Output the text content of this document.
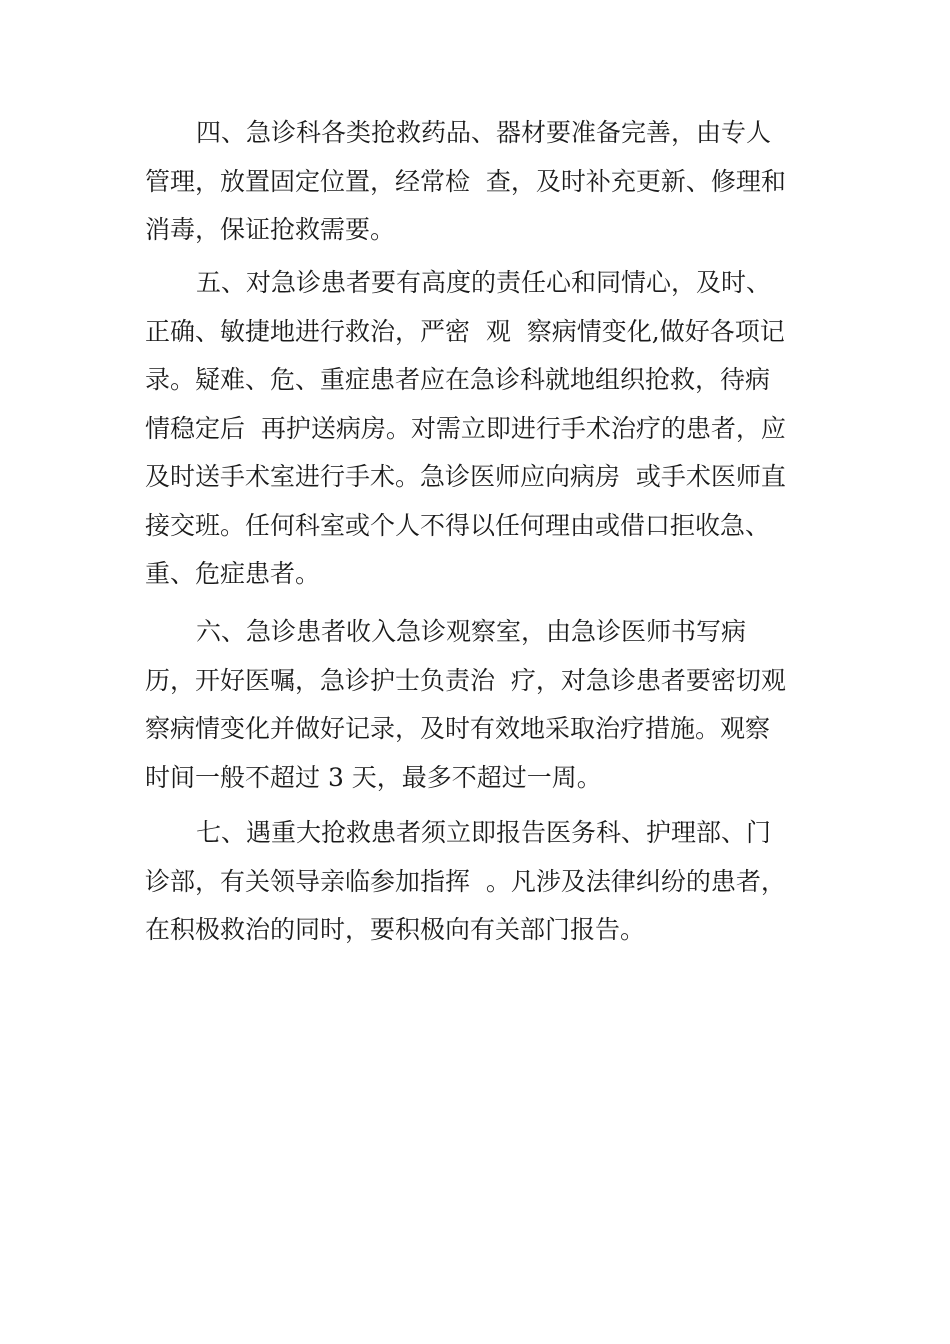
四、急诊科各类抢救药品、器材要准备完善，由专人
管理，放置固定位置，经常检  查，及时补充更新、修理和
消毒，保证抢救需要。

五、对急诊患者要有高度的责任心和同情心，及时、
正确、敏捷地进行救治，严密  观  察病情变化,做好各项记
录。疑难、危、重症患者应在急诊科就地组织抢救，待病
情稳定后  再护送病房。对需立即进行手术治疗的患者，应
及时送手术室进行手术。急诊医师应向病房  或手术医师直
接交班。任何科室或个人不得以任何理由或借口拒收急、
重、危症患者。

六、急诊患者收入急诊观察室，由急诊医师书写病
历，开好医嘱，急诊护士负责治  疗，对急诊患者要密切观
察病情变化并做好记录，及时有效地采取治疗措施。观察
时间一般不超过 3 天，最多不超过一周。

七、遇重大抢救患者须立即报告医务科、护理部、门
诊部，有关领导亲临参加指挥  。凡涉及法律纠纷的患者，
在积极救治的同时，要积极向有关部门报告。
